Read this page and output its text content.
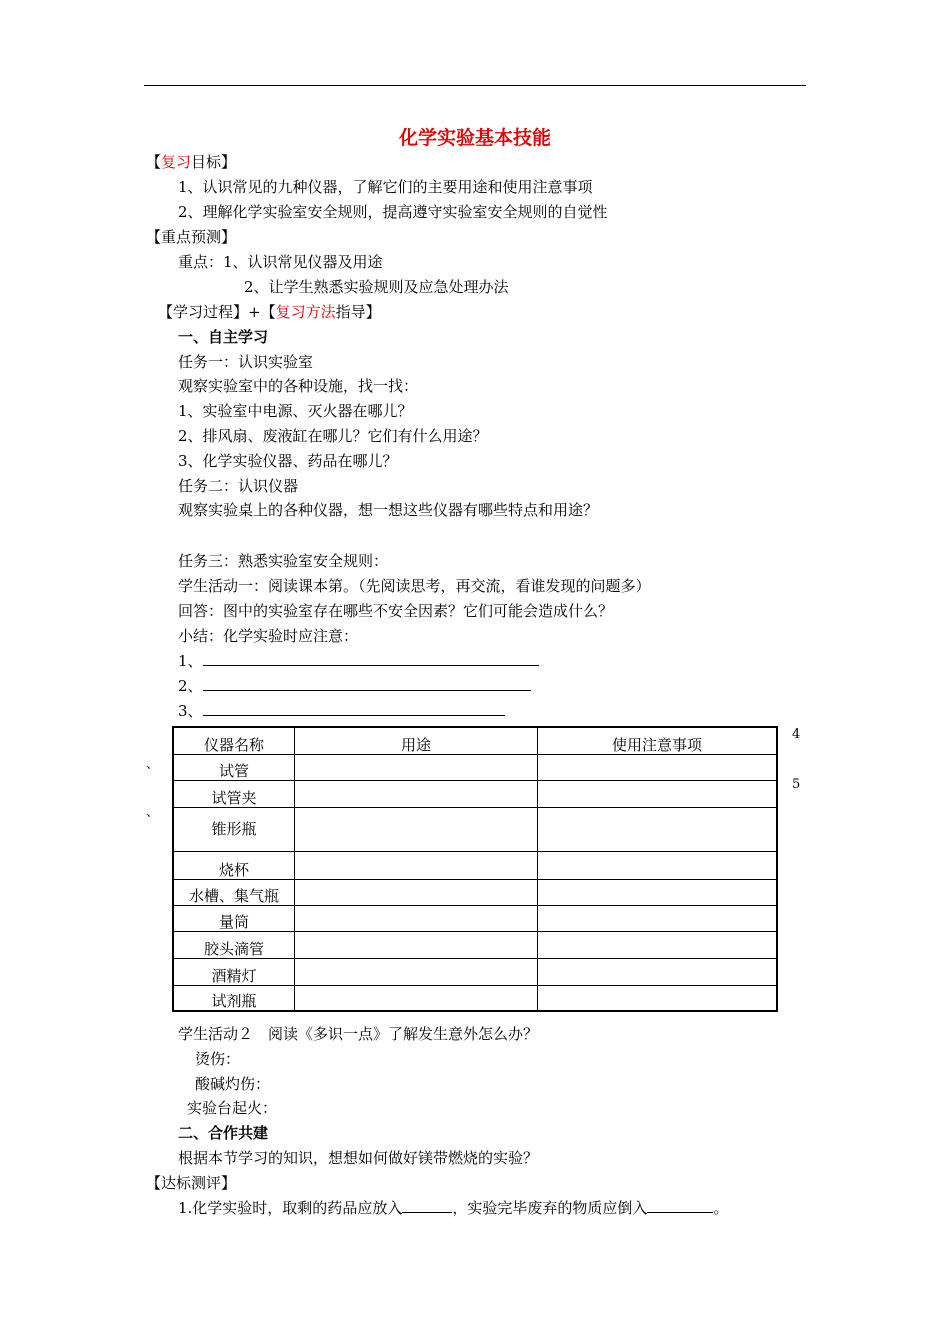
化学实验基本技能
【复习目标】
1、认识常见的九种仪器，了解它们的主要用途和使用注意事项
2、理解化学实验室安全规则，提高遵守实验室安全规则的自觉性
【重点预测】
重点：1、认识常见仪器及用途
2、让学生熟悉实验规则及应急处理办法
【学习过程】+【复习方法指导】
一、自主学习
任务一：认识实验室
观察实验室中的各种设施，找一找：
1、实验室中电源、灭火器在哪儿？
2、排风扇、废液缸在哪儿？它们有什么用途？
3、化学实验仪器、药品在哪儿？
任务二：认识仪器
观察实验桌上的各种仪器，想一想这些仪器有哪些特点和用途？
任务三：熟悉实验室安全规则：
学生活动一：阅读课本第。（先阅读思考，再交流，看谁发现的问题多）
回答：图中的实验室存在哪些不安全因素？它们可能会造成什么？
小结：化学实验时应注意：
1、
2、
3、
4
5
、
、
仪器名称	用途	使用注意事项
试管		
试管夹		
锥形瓶		
烧杯		
水槽、集气瓶		
量筒		
胶头滴管		
酒精灯		
试剂瓶		
学生活动２　阅读《多识一点》了解发生意外怎么办？
烫伤：
酸碱灼伤：
实验台起火：
二、合作共建
根据本节学习的知识，想想如何做好镁带燃烧的实验？
【达标测评】
1.化学实验时，取剩的药品应放入	，实验完毕废弃的物质应倒入	。
